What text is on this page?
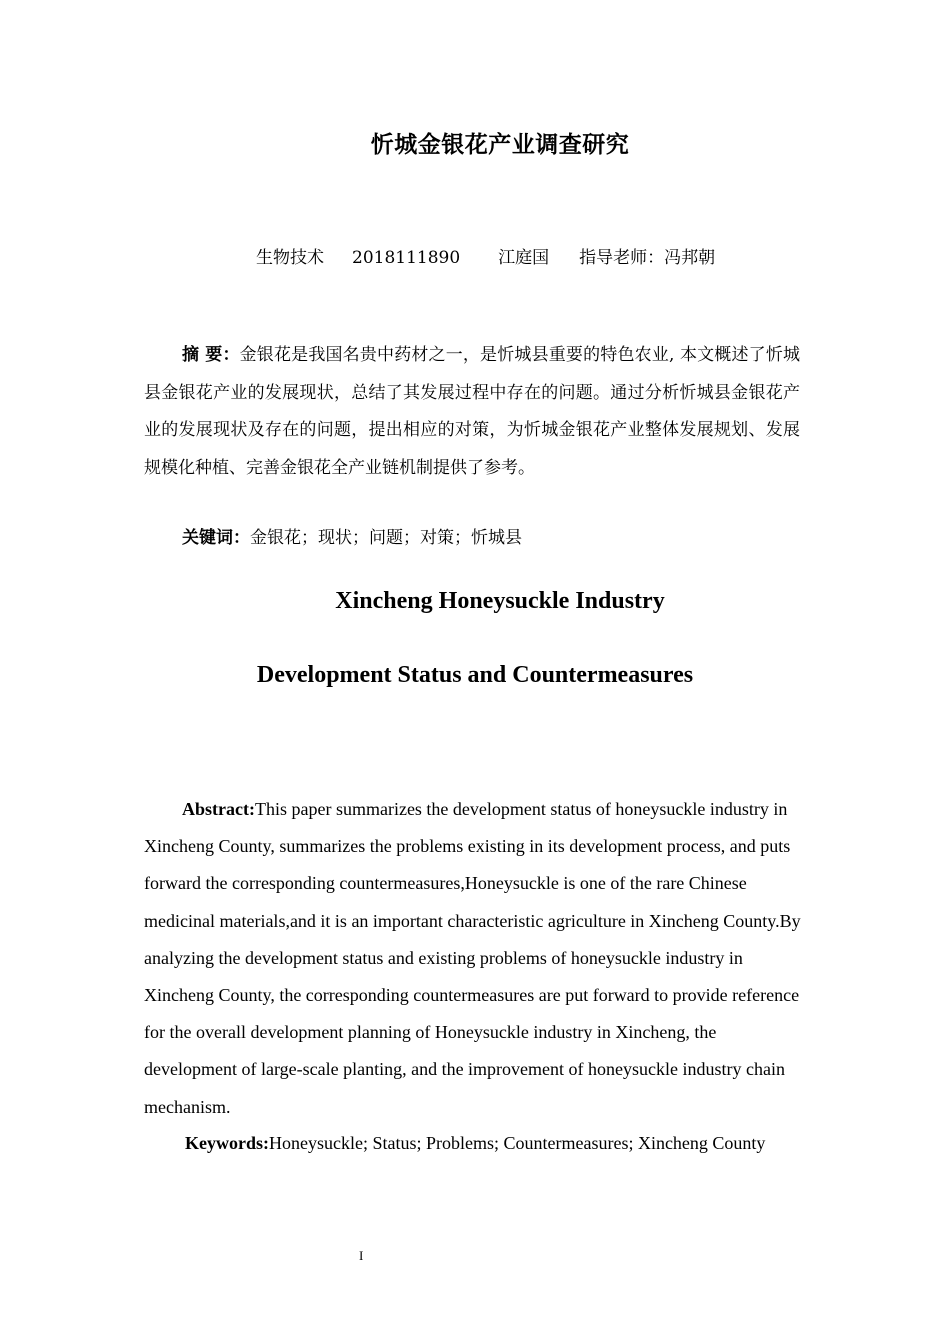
忻城金银花产业调查研究
生物技术 2018111890 江庭国 指导老师：冯邦朝
摘 要：金银花是我国名贵中药材之一，是忻城县重要的特色农业, 本文概述了忻城县金银花产业的发展现状，总结了其发展过程中存在的问题。通过分析忻城县金银花产业的发展现状及存在的问题，提出相应的对策，为忻城金银花产业整体发展规划、发展规模化种植、完善金银花全产业链机制提供了参考。
关键词：金银花；现状；问题；对策；忻城县
Xincheng Honeysuckle Industry
Development Status and Countermeasures
Abstract:This paper summarizes the development status of honeysuckle industry in Xincheng County, summarizes the problems existing in its development process, and puts forward the corresponding countermeasures,Honeysuckle is one of the rare Chinese medicinal materials,and it is an important characteristic agriculture in Xincheng County.By analyzing the development status and existing problems of honeysuckle industry in Xincheng County, the corresponding countermeasures are put forward to provide reference for the overall development planning of Honeysuckle industry in Xincheng, the development of large-scale planting, and the improvement of honeysuckle industry chain mechanism.
Keywords:Honeysuckle; Status; Problems; Countermeasures; Xincheng County
I
